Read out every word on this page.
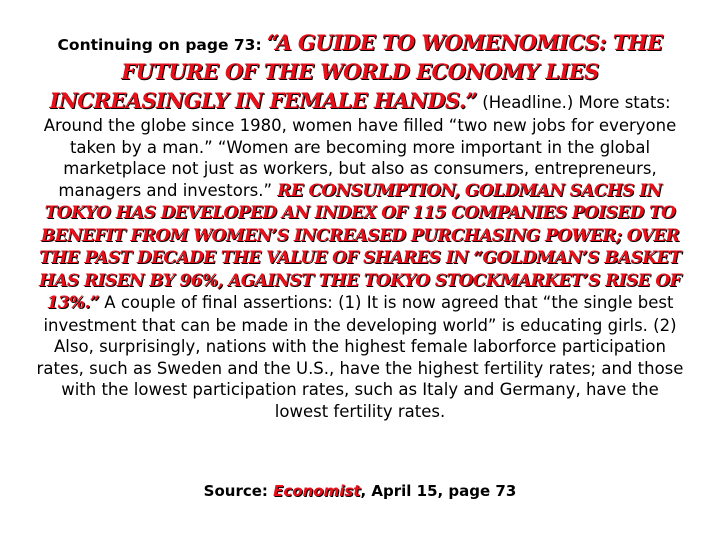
Continuing on page 73: “A GUIDE TO WOMENOMICS: THE FUTURE OF THE WORLD ECONOMY LIES INCREASINGLY IN FEMALE HANDS.” (Headline.) More stats: Around the globe since 1980, women have filled “two new jobs for everyone taken by a man.” “Women are becoming more important in the global marketplace not just as workers, but also as consumers, entrepreneurs, managers and investors.” RE CONSUMPTION, GOLDMAN SACHS IN TOKYO HAS DEVELOPED AN INDEX OF 115 COMPANIES POISED TO BENEFIT FROM WOMEN’S INCREASED PURCHASING POWER; OVER THE PAST DECADE THE VALUE OF SHARES IN “GOLDMAN’S BASKET HAS RISEN BY 96%, AGAINST THE TOKYO STOCKMARKET’S RISE OF 13%.” A couple of final assertions: (1) It is now agreed that “the single best investment that can be made in the developing world” is educating girls. (2) Also, surprisingly, nations with the highest female laborforce participation rates, such as Sweden and the U.S., have the highest fertility rates; and those with the lowest participation rates, such as Italy and Germany, have the lowest fertility rates.
Source: Economist, April 15, page 73
